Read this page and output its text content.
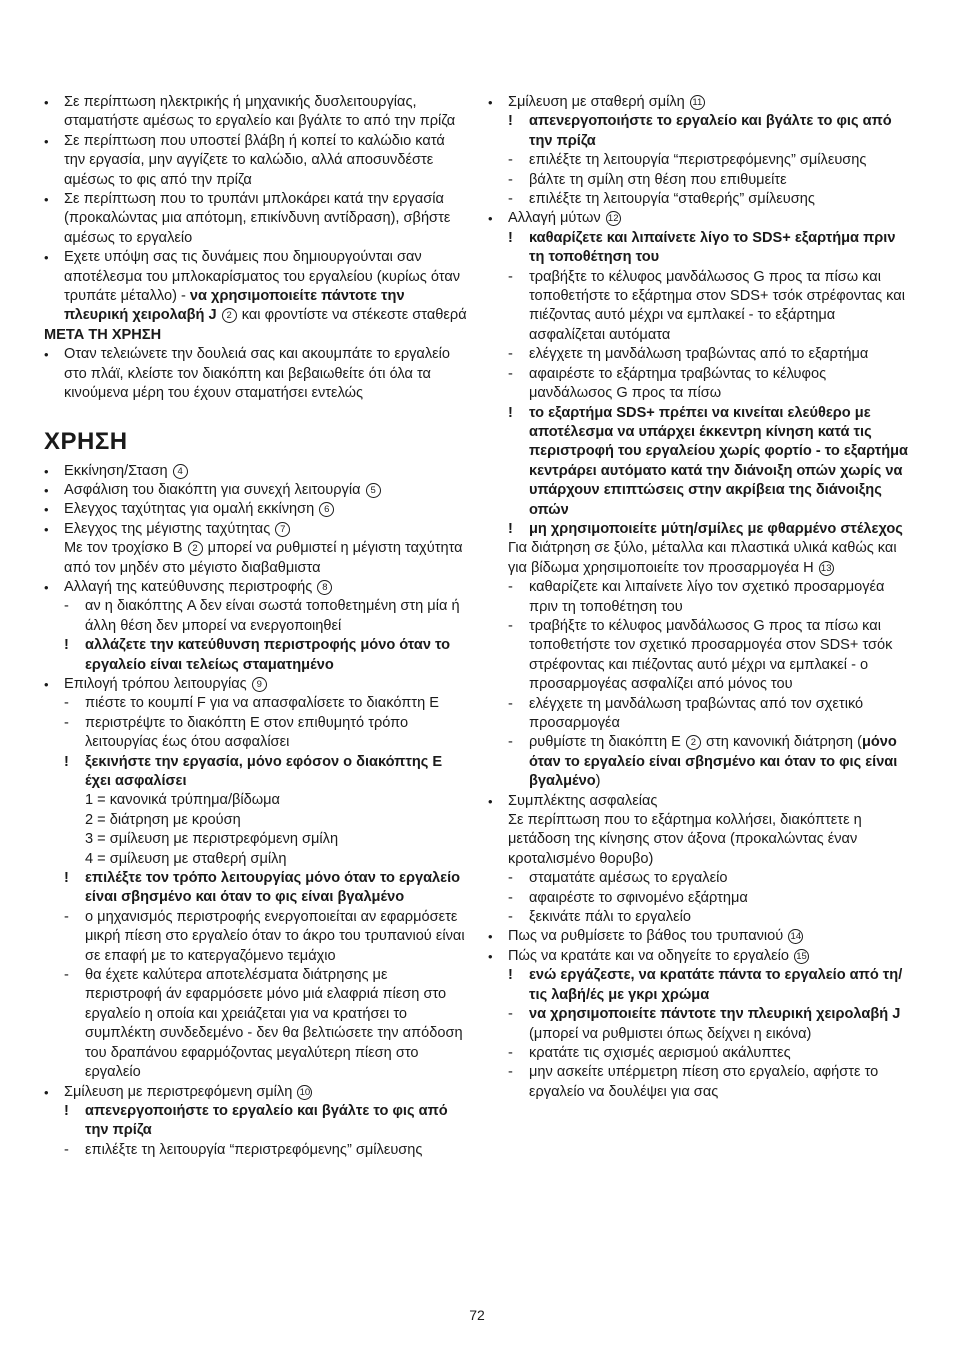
• Σε περίπτωση ηλεκτρικής ή μηχανικής δυσλειτουργίας, σταματήστε αμέσως το εργαλείο και βγάλτε το από την πρίζα
• Σε περίπτωση που υποστεί βλάβη ή κοπεί το καλώδιο κατά την εργασία, μην αγγίζετε το καλώδιο, αλλά αποσυνδέστε αμέσως το φις από την πρίζα
• Σε περίπτωση που το τρυπάνι μπλοκάρει κατά την εργασία (προκαλώντας μια απότομη, επικίνδυνη αντίδραση), σβήστε αμέσως το εργαλείο
• Εχετε υπόψη σας τις δυνάμεις που δημιουργούνται σαν αποτέλεσμα του μπλοκαρίσματος του εργαλείου (κυρίως όταν τρυπάτε μέταλλο) - να χρησιμοποιείτε πάντοτε την πλευρική χειρολαβή J 2 και φροντίστε να στέκεστε σταθερά
ΜΕΤΑ ΤΗ ΧΡΗΣΗ
• Οταν τελειώνετε την δουλειά σας και ακουμπάτε το εργαλείο στο πλάϊ, κλείστε τον διακόπτη και βεβαιωθείτε ότι όλα τα κινούμενα μέρη του έχουν σταματήσει εντελώς
ΧΡΗΣΗ
• Εκκίνηση/Σταση 4
• Ασφάλιση του διακόπτη για συνεχή λειτουργία 5
• Ελεγχος ταχύτητας για ομαλή εκκίνηση 6
• Ελεγχος της μέγιστης ταχύτητας 7
Με τον τροχίσκο B 2 μπορεί να ρυθμιστεί η μέγιστη ταχύτητα από τον μηδέν στο μέγιστο διαβαθμιστα
• Αλλαγή της κατεύθυνσης περιστροφής 8
- αν η διακόπτης A δεν είναι σωστά τοποθετημένη στη μία ή άλλη θέση δεν μπορεί να ενεργοποιηθεί
! αλλάζετε την κατεύθυνση περιστροφής μόνο όταν το εργαλείο είναι τελείως σταματημένο
• Επιλογή τρόπου λειτουργίας 9
- πιέστε το κουμπί F για να απασφαλίσετε το διακόπτη E
- περιστρέψτε το διακόπτη E στον επιθυμητό τρόπο λειτουργίας έως ότου ασφαλίσει
! ξεκινήστε την εργασία, μόνο εφόσον ο διακόπτης E έχει ασφαλίσει
1 = κανονικά τρύπημα/βίδωμα
2 = διάτρηση με κρούση
3 = σμίλευση με περιστρεφόμενη σμίλη
4 = σμίλευση με σταθερή σμίλη
! επιλέξτε τον τρόπο λειτουργίας μόνο όταν το εργαλείο είναι σβησμένο και όταν το φις είναι βγαλμένο
- ο μηχανισμός περιστροφής ενεργοποιείται αν εφαρμόσετε μικρή πίεση στο εργαλείο όταν το άκρο του τρυπανιού είναι σε επαφή με το κατεργαζόμενο τεμάχιο
- θα έχετε καλύτερα αποτελέσματα διάτρησης με περιστροφή άν εφαρμόσετε μόνο μιά ελαφριά πίεση στο εργαλείο η οποία και χρειάζεται για να κρατήσει το συμπλέκτη συνδεδεμένο - δεν θα βελτιώσετε την απόδοση του δραπάνου εφαρμόζοντας μεγαλύτερη πίεση στο εργαλείο
• Σμίλευση με περιστρεφόμενη σμίλη 10
! απενεργοποιήστε το εργαλείο και βγάλτε το φις από την πρίζα
- επιλέξτε τη λειτουργία “περιστρεφόμενης” σμίλευσης
• Σμίλευση με σταθερή σμίλη 11
! απενεργοποιήστε το εργαλείο και βγάλτε το φις από την πρίζα
- επιλέξτε τη λειτουργία “περιστρεφόμενης” σμίλευσης
- βάλτε τη σμίλη στη θέση που επιθυμείτε
- επιλέξτε τη λειτουργία “σταθερής” σμίλευσης
• Αλλαγή μύτων 12
! καθαρίζετε και λιπαίνετε λίγο το SDS+ εξαρτήμα πριν τη τοποθέτηση του
- τραβήξτε το κέλυφος μανδάλωσος G προς τα πίσω και τοποθετήστε το εξάρτημα στον SDS+ τσόκ στρέφοντας και πιέζοντας αυτό μέχρι να εμπλακεί - το εξάρτημα ασφαλίζεται αυτόματα
- ελέγχετε τη μανδάλωση τραβώντας από το εξαρτήμα
- αφαιρέστε το εξάρτημα τραβώντας το κέλυφος μανδάλωσος G προς τα πίσω
! το εξαρτήμα SDS+ πρέπει να κινείται ελεύθερο με αποτέλεσμα να υπάρχει έκκεντρη κίνηση κατά τις περιστροφή του εργαλείου χωρίς φορτίο - το εξαρτήμα κεντράρει αυτόματο κατά την διάνοιξη οπών χωρίς να υπάρχουν επιπτώσεις στην ακρίβεια της διάνοιξης οπών
! μη χρησιμοποιείτε μύτη/σμίλες με φθαρμένο στέλεχος
Για διάτρηση σε ξύλο, μέταλλα και πλαστικά υλικά καθώς και για βίδωμα χρησιμοποιείτε τον προσαρμογέα H 13
- καθαρίζετε και λιπαίνετε λίγο τον σχετικό προσαρμογέα πριν τη τοποθέτηση του
- τραβήξτε το κέλυφος μανδάλωσος G προς τα πίσω και τοποθετήστε τον σχετικό προσαρμογέα στον SDS+ τσόκ στρέφοντας και πιέζοντας αυτό μέχρι να εμπλακεί - ο προσαρμογέας ασφαλίζει από μόνος του
- ελέγχετε τη μανδάλωση τραβώντας από τον σχετικό προσαρμογέα
- ρυθμίστε τη διακόπτη E 2 στη κανονική διάτρηση (μόνο όταν το εργαλείο είναι σβησμένο και όταν το φις είναι βγαλμένο)
• Συμπλέκτης ασφαλείας
Σε περίπτωση που το εξάρτημα κολλήσει, διακόπτετε η μετάδοση της κίνησης στον άξονα (προκαλώντας έναν κροταλισμένο θορυβο)
- σταματάτε αμέσως το εργαλείο
- αφαιρέστε το σφινομένο εξάρτημα
- ξεκινάτε πάλι το εργαλείο
• Πως να ρυθμίσετε το βάθος του τρυπανιού 14
• Πώς να κρατάτε και να οδηγείτε το εργαλείο 15
! ενώ εργάζεστε, να κρατάτε πάντα το εργαλείο από τη/τις λαβή/ές με γκρι χρώμα
- να χρησιμοποιείτε πάντοτε την πλευρική χειρολαβή J (μπορεί να ρυθμιστει όπως δείχνει η εικόνα)
- κρατάτε τις σχισμές αερισμού ακάλυπτες
- μην ασκείτε υπέρμετρη πίεση στο εργαλείο, αφήστε το εργαλείο να δουλέψει για σας
72
